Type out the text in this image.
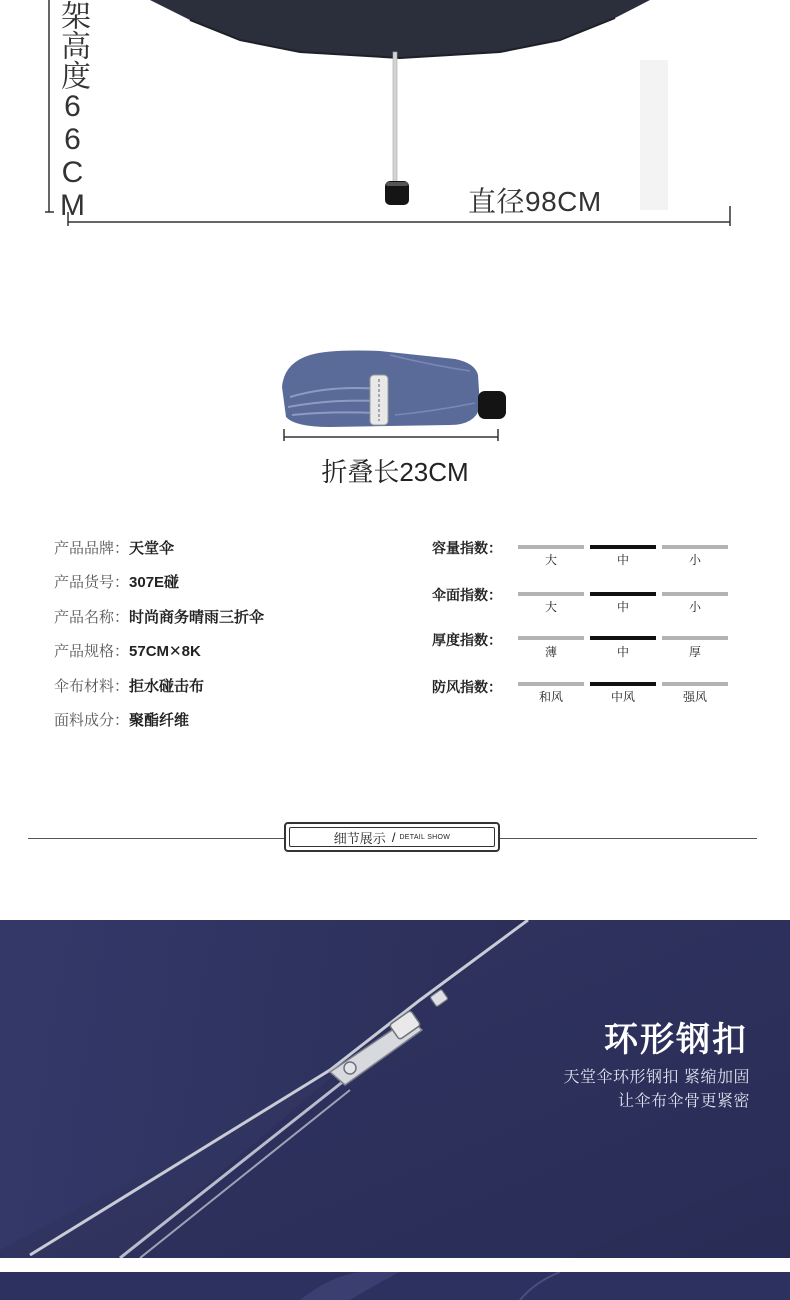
架高度66CM	直径98CM
折叠长23CM
产品品牌：天堂伞
产品货号：307E碰
产品名称：时尚商务晴雨三折伞
产品规格：57CM✕8K
伞布材料：拒水碰击布
面料成分：聚酯纤维
容量指数：
大	中	小
伞面指数：
大	中	小
厚度指数：
薄	中	厚
防风指数：
和风	中风	强风
细节展示 / DETAIL SHOW
环形钢扣
天堂伞环形钢扣 紧缩加固
让伞布伞骨更紧密
